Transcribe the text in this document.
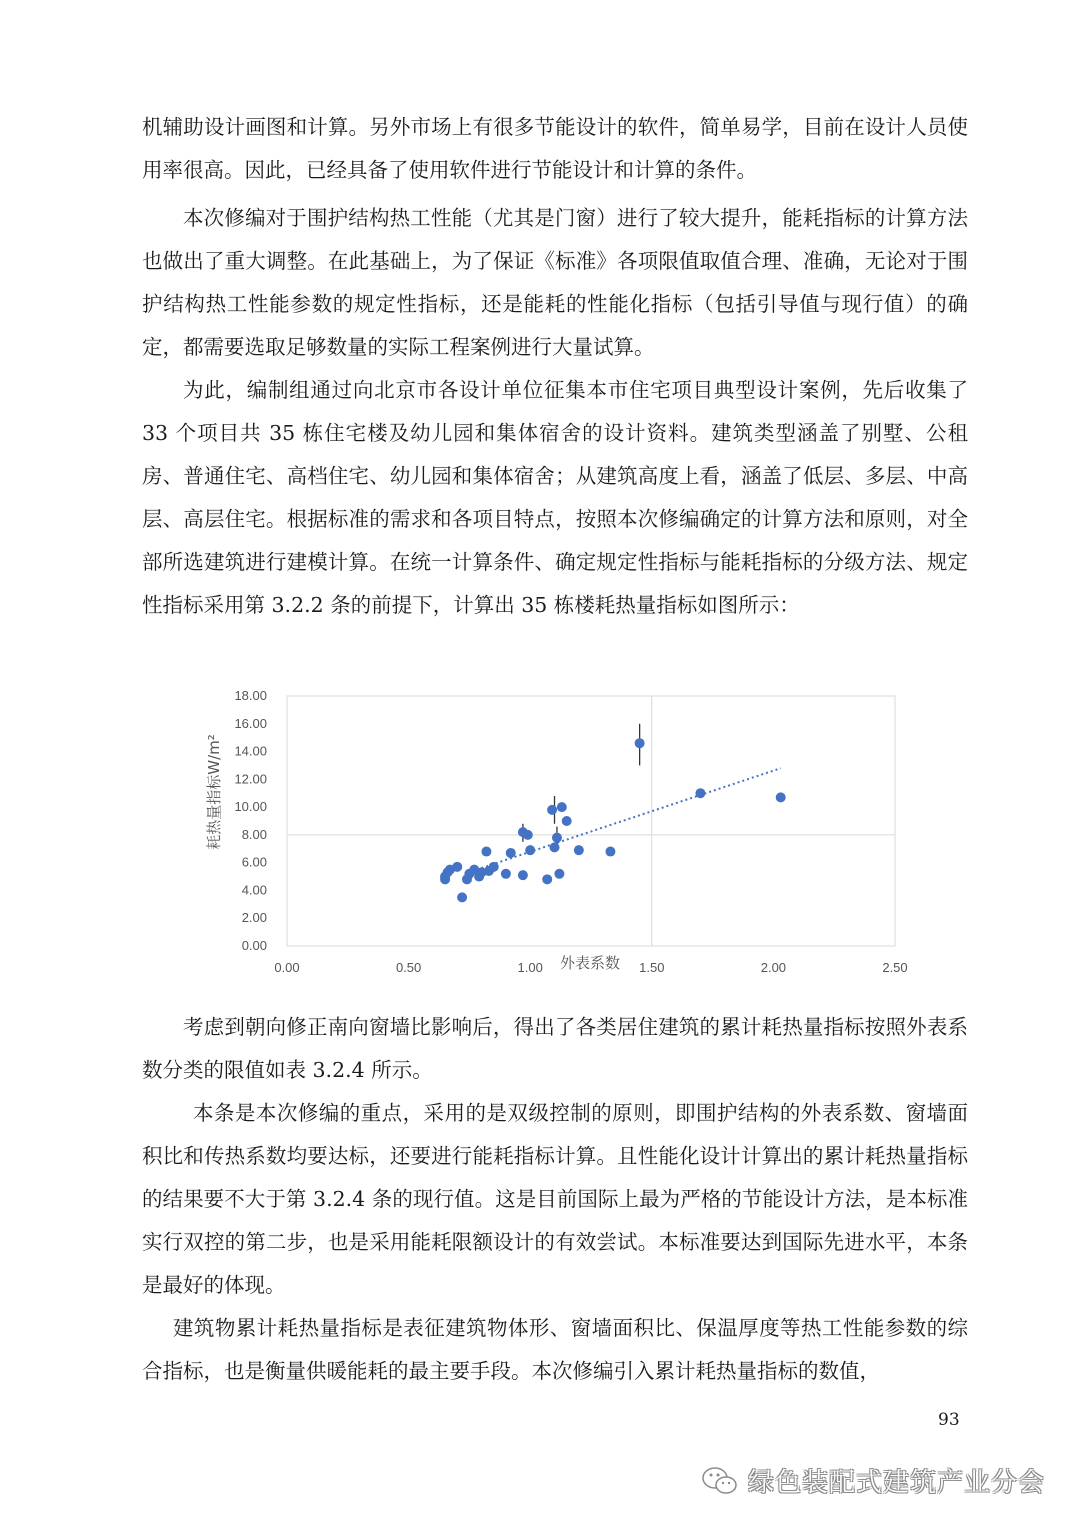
机辅助设计画图和计算。另外市场上有很多节能设计的软件，简单易学，目前在设计人员使用率很高。因此，已经具备了使用软件进行节能设计和计算的条件。

本次修编对于围护结构热工性能（尤其是门窗）进行了较大提升，能耗指标的计算方法也做出了重大调整。在此基础上，为了保证《标准》各项限值取值合理、准确，无论对于围护结构热工性能参数的规定性指标，还是能耗的性能化指标（包括引导值与现行值）的确定，都需要选取足够数量的实际工程案例进行大量试算。

为此，编制组通过向北京市各设计单位征集本市住宅项目典型设计案例，先后收集了 33 个项目共 35 栋住宅楼及幼儿园和集体宿舍的设计资料。建筑类型涵盖了别墅、公租房、普通住宅、高档住宅、幼儿园和集体宿舍；从建筑高度上看，涵盖了低层、多层、中高层、高层住宅。根据标准的需求和各项目特点，按照本次修编确定的计算方法和原则，对全部所选建筑进行建模计算。在统一计算条件、确定规定性指标与能耗指标的分级方法、规定性指标采用第 3.2.2 条的前提下，计算出 35 栋楼耗热量指标如图所示：

0.00	0.50	1.00	1.50	2.00	2.50
0.00
2.00
4.00
6.00
8.00
10.00
12.00
14.00
16.00
18.00
外表系数
耗热量指标W/m²

考虑到朝向修正南向窗墙比影响后，得出了各类居住建筑的累计耗热量指标按照外表系数分类的限值如表 3.2.4 所示。

本条是本次修编的重点，采用的是双级控制的原则，即围护结构的外表系数、窗墙面积比和传热系数均要达标，还要进行能耗指标计算。且性能化设计计算出的累计耗热量指标的结果要不大于第 3.2.4 条的现行值。这是目前国际上最为严格的节能设计方法，是本标准实行双控的第二步，也是采用能耗限额设计的有效尝试。本标准要达到国际先进水平，本条是最好的体现。

建筑物累计耗热量指标是表征建筑物体形、窗墙面积比、保温厚度等热工性能参数的综合指标，也是衡量供暖能耗的最主要手段。本次修编引入累计耗热量指标的数值，

93
绿色装配式建筑产业分会
